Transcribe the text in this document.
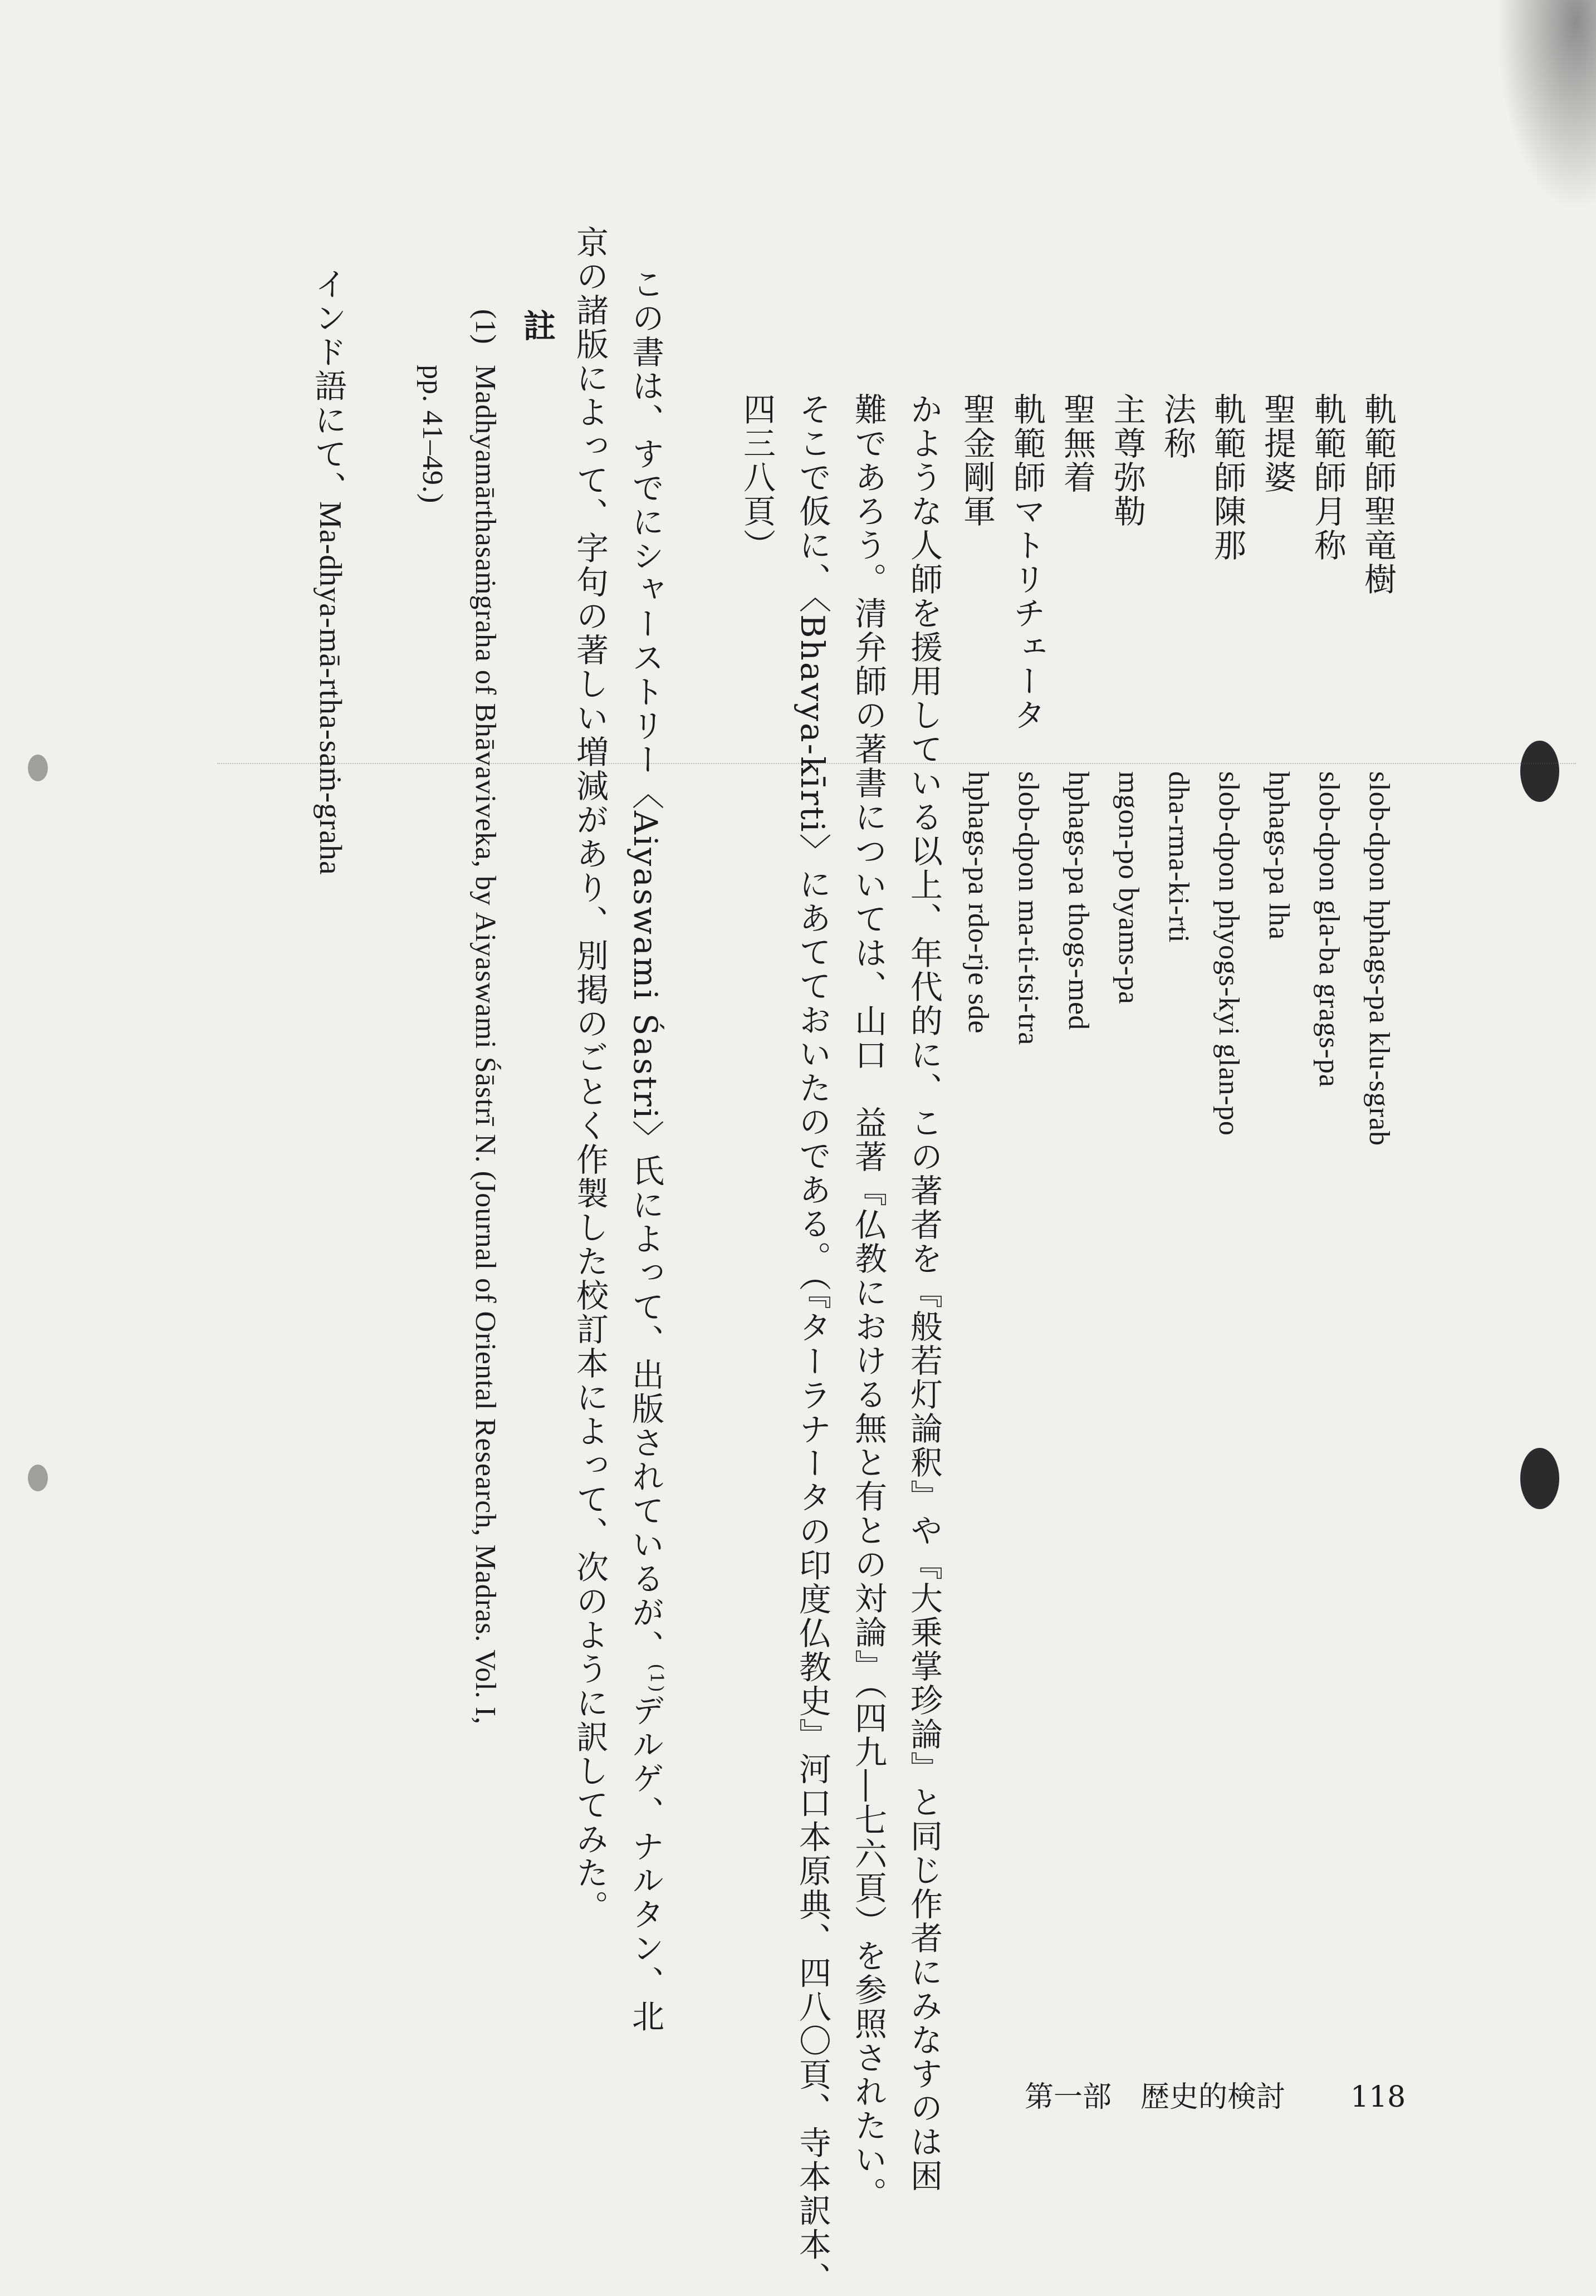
第一部　歴史的検討 118
軌範師聖竜樹
軌範師月称
聖提婆
軌範師陳那
法称
主尊弥勒
聖無着
軌範師マトリチェータ
聖金剛軍
slob-dpon hphags-pa klu-sgrab
slob-dpon gla-ba grags-pa
hphags-pa lha
slob-dpon phyogs-kyi glan-po
dha-rma-ki-rti
mgon-po byams-pa
hphags-pa thogs-med
slob-dpon ma-ti-tsi-tra
hphags-pa rdo-rje sde
かような人師を援用している以上、年代的に、この著者を『般若灯論釈』や『大乗掌珍論』と同じ作者にみなすのは困
難であろう。清弁師の著書については、山口　益著『仏教における無と有との対論』（四九―七六頁）を参照されたい。
そこで仮に、〈Bhavya-kīrti〉にあてておいたのである。（『ターラナータの印度仏教史』河口本原典、四八〇頁、寺本訳本、
四三八頁）
この書は、すでにシャーストリー〈Aiyaswami Śastri〉氏によって、出版されているが、$^{(1)}$デルゲ、ナルタン、北
京の諸版によって、字句の著しい増減があり、別掲のごとく作製した校訂本によって、次のように訳してみた。
註
(1)
Madhyamārthasaṁgraha of Bhāvaviveka, by Aiyaswami Śāstrī N. (Journal of Oriental Research, Madras. Vol. I,
pp. 41–49.)
インド語にて、
Ma-dhya-mā-rtha-saṁ-graha
